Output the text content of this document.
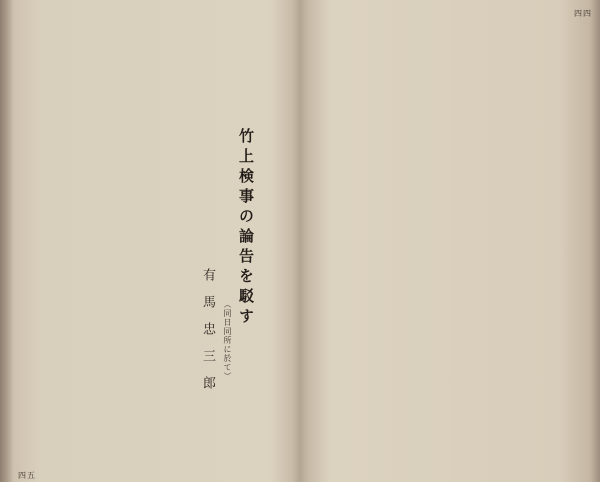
四四
竹上検事の論告を駁す
（同日同所に於て）
有馬忠三郎
四五
